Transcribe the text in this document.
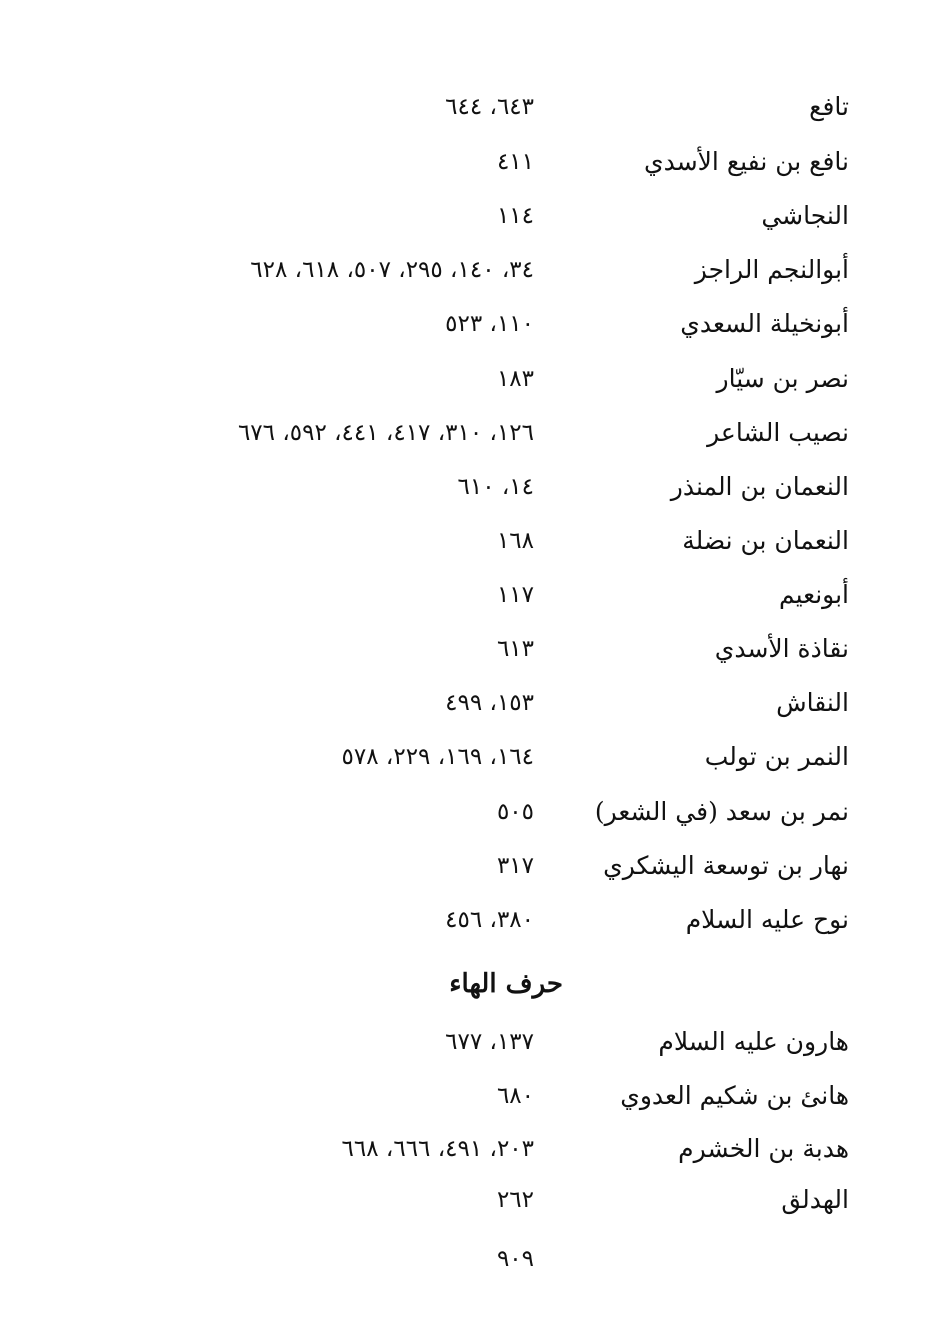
تافع
٦٤٣، ٦٤٤
نافع بن نفيع الأسدي
٤١١
النجاشي
١١٤
أبوالنجم الراجز
٣٤، ١٤٠، ٢٩٥، ٥٠٧، ٦١٨، ٦٢٨
أبونخيلة السعدي
١١٠، ٥٢٣
نصر بن سيّار
١٨٣
نصيب الشاعر
١٢٦، ٣١٠، ٤١٧، ٤٤١، ٥٩٢، ٦٧٦
النعمان بن المنذر
١٤، ٦١٠
النعمان بن نضلة
١٦٨
أبونعيم
١١٧
نقاذة الأسدي
٦١٣
النقاش
١٥٣، ٤٩٩
النمر بن تولب
١٦٤، ١٦٩، ٢٢٩، ٥٧٨
نمر بن سعد (في الشعر)
٥٠٥
نهار بن توسعة اليشكري
٣١٧
نوح عليه السلام
٣٨٠، ٤٥٦
حرف الهاء
هارون عليه السلام
١٣٧، ٦٧٧
هانئ بن شكيم العدوي
٦٨٠
هدبة بن الخشرم
٢٠٣، ٤٩١، ٦٦٦، ٦٦٨
الهدلق
٢٦٢
٩٠٩
